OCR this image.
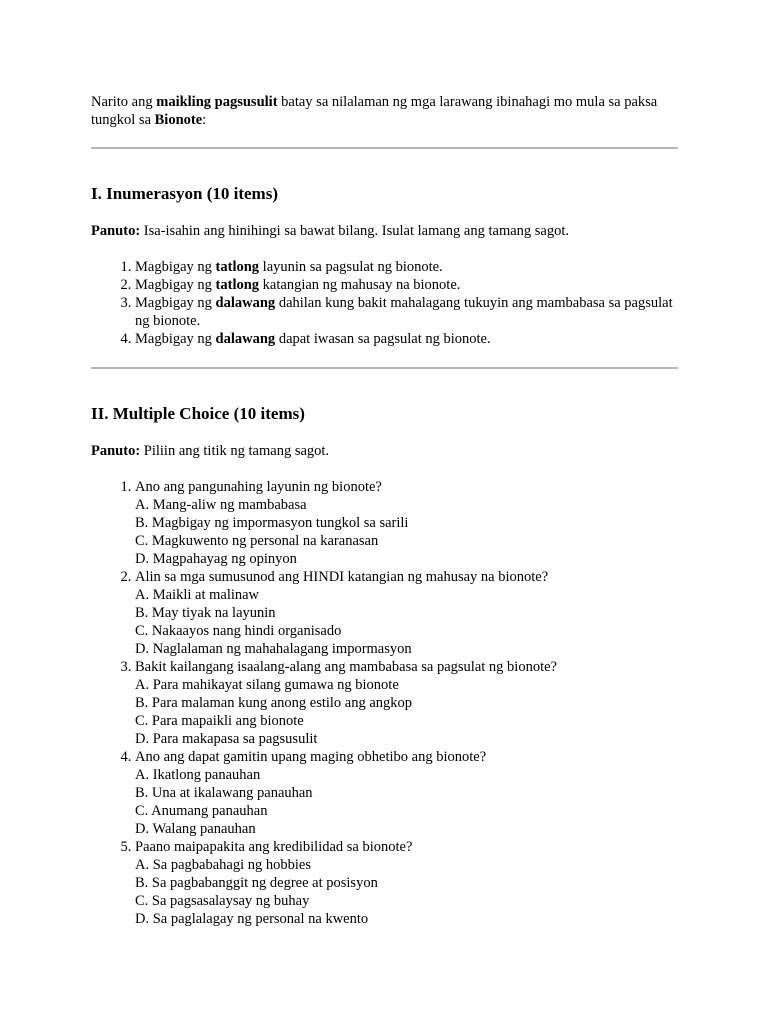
Narito ang maikling pagsusulit batay sa nilalaman ng mga larawang ibinahagi mo mula sa paksa tungkol sa Bionote:

I. Inumerasyon (10 items)

Panuto: Isa-isahin ang hinihingi sa bawat bilang. Isulat lamang ang tamang sagot.

1. Magbigay ng tatlong layunin sa pagsulat ng bionote.
2. Magbigay ng tatlong katangian ng mahusay na bionote.
3. Magbigay ng dalawang dahilan kung bakit mahalagang tukuyin ang mambabasa sa pagsulat ng bionote.
4. Magbigay ng dalawang dapat iwasan sa pagsulat ng bionote.
II. Multiple Choice (10 items)

Panuto: Piliin ang titik ng tamang sagot.

1. Ano ang pangunahing layunin ng bionote?
A. Mang-aliw ng mambabasa
B. Magbigay ng impormasyon tungkol sa sarili
C. Magkuwento ng personal na karanasan
D. Magpahayag ng opinyon
2. Alin sa mga sumusunod ang HINDI katangian ng mahusay na bionote?
A. Maikli at malinaw
B. May tiyak na layunin
C. Nakaayos nang hindi organisado
D. Naglalaman ng mahahalagang impormasyon
3. Bakit kailangang isaalang-alang ang mambabasa sa pagsulat ng bionote?
A. Para mahikayat silang gumawa ng bionote
B. Para malaman kung anong estilo ang angkop
C. Para mapaikli ang bionote
D. Para makapasa sa pagsusulit
4. Ano ang dapat gamitin upang maging obhetibo ang bionote?
A. Ikatlong panauhan
B. Una at ikalawang panauhan
C. Anumang panauhan
D. Walang panauhan
5. Paano maipapakita ang kredibilidad sa bionote?
A. Sa pagbabahagi ng hobbies
B. Sa pagbabanggit ng degree at posisyon
C. Sa pagsasalaysay ng buhay
D. Sa paglalagay ng personal na kwento
